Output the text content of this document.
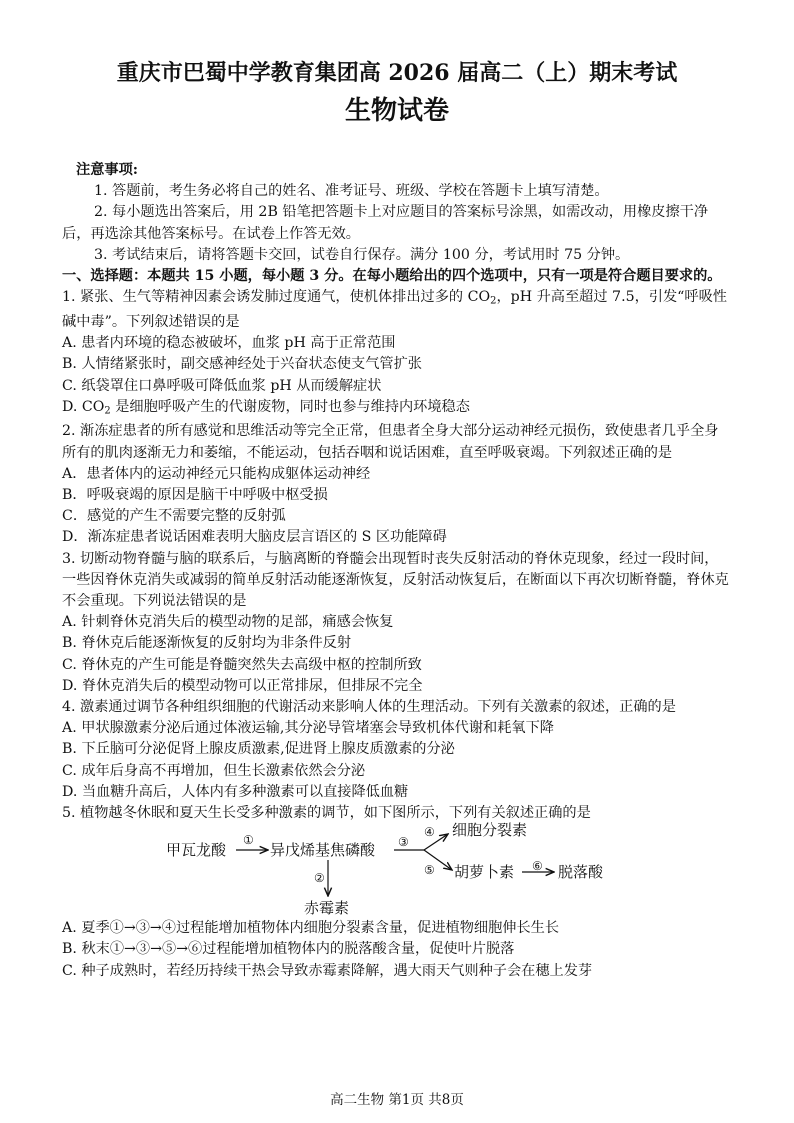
重庆市巴蜀中学教育集团高 2026 届高二（上）期末考试
生物试卷

注意事项:

1. 答题前，考生务必将自己的姓名、准考证号、班级、学校在答题卡上填写清楚。

2. 每小题选出答案后，用 2B 铅笔把答题卡上对应题目的答案标号涂黑，如需改动，用橡皮擦干净后，再选涂其他答案标号。在试卷上作答无效。

3. 考试结束后，请将答题卡交回，试卷自行保存。满分 100 分，考试用时 75 分钟。

一、选择题：本题共 15 小题，每小题 3 分。在每小题给出的四个选项中，只有一项是符合题目要求的。

1. 紧张、生气等精神因素会诱发肺过度通气，使机体排出过多的 $CO_2$，pH 升高至超过 7.5，引发“呼吸性碱中毒”。下列叙述错误的是

A. 患者内环境的稳态被破坏，血浆 pH 高于正常范围

B. 人情绪紧张时，副交感神经处于兴奋状态使支气管扩张

C. 纸袋罩住口鼻呼吸可降低血浆 pH 从而缓解症状

D. $CO_2$ 是细胞呼吸产生的代谢废物，同时也参与维持内环境稳态

2. 渐冻症患者的所有感觉和思维活动等完全正常，但患者全身大部分运动神经元损伤，致使患者几乎全身所有的肌肉逐渐无力和萎缩，不能运动，包括吞咽和说话困难，直至呼吸衰竭。下列叙述正确的是

A．患者体内的运动神经元只能构成躯体运动神经

B．呼吸衰竭的原因是脑干中呼吸中枢受损

C．感觉的产生不需要完整的反射弧

D．渐冻症患者说话困难表明大脑皮层言语区的 S 区功能障碍

3. 切断动物脊髓与脑的联系后，与脑离断的脊髓会出现暂时丧失反射活动的脊休克现象，经过一段时间，一些因脊休克消失或减弱的简单反射活动能逐渐恢复，反射活动恢复后，在断面以下再次切断脊髓，脊休克不会重现。下列说法错误的是

A. 针刺脊休克消失后的模型动物的足部，痛感会恢复

B. 脊休克后能逐渐恢复的反射均为非条件反射

C. 脊休克的产生可能是脊髓突然失去高级中枢的控制所致

D. 脊休克消失后的模型动物可以正常排尿，但排尿不完全

4. 激素通过调节各种组织细胞的代谢活动来影响人体的生理活动。下列有关激素的叙述，正确的是

A. 甲状腺激素分泌后通过体液运输,其分泌导管堵塞会导致机体代谢和耗氧下降

B. 下丘脑可分泌促肾上腺皮质激素,促进肾上腺皮质激素的分泌

C. 成年后身高不再增加，但生长激素依然会分泌

D. 当血糖升高后，人体内有多种激素可以直接降低血糖

5. 植物越冬休眠和夏天生长受多种激素的调节，如下图所示，下列有关叙述正确的是

甲瓦龙酸
①
异戊烯基焦磷酸
②
赤霉素
③
④ 细胞分裂素
⑤ 胡萝卜素 ⑥ 脱落酸

A. 夏季①→③→④过程能增加植物体内细胞分裂素含量，促进植物细胞伸长生长

B. 秋末①→③→⑤→⑥过程能增加植物体内的脱落酸含量，促使叶片脱落

C. 种子成熟时，若经历持续干热会导致赤霉素降解，遇大雨天气则种子会在穗上发芽

高二生物 第1页 共8页
